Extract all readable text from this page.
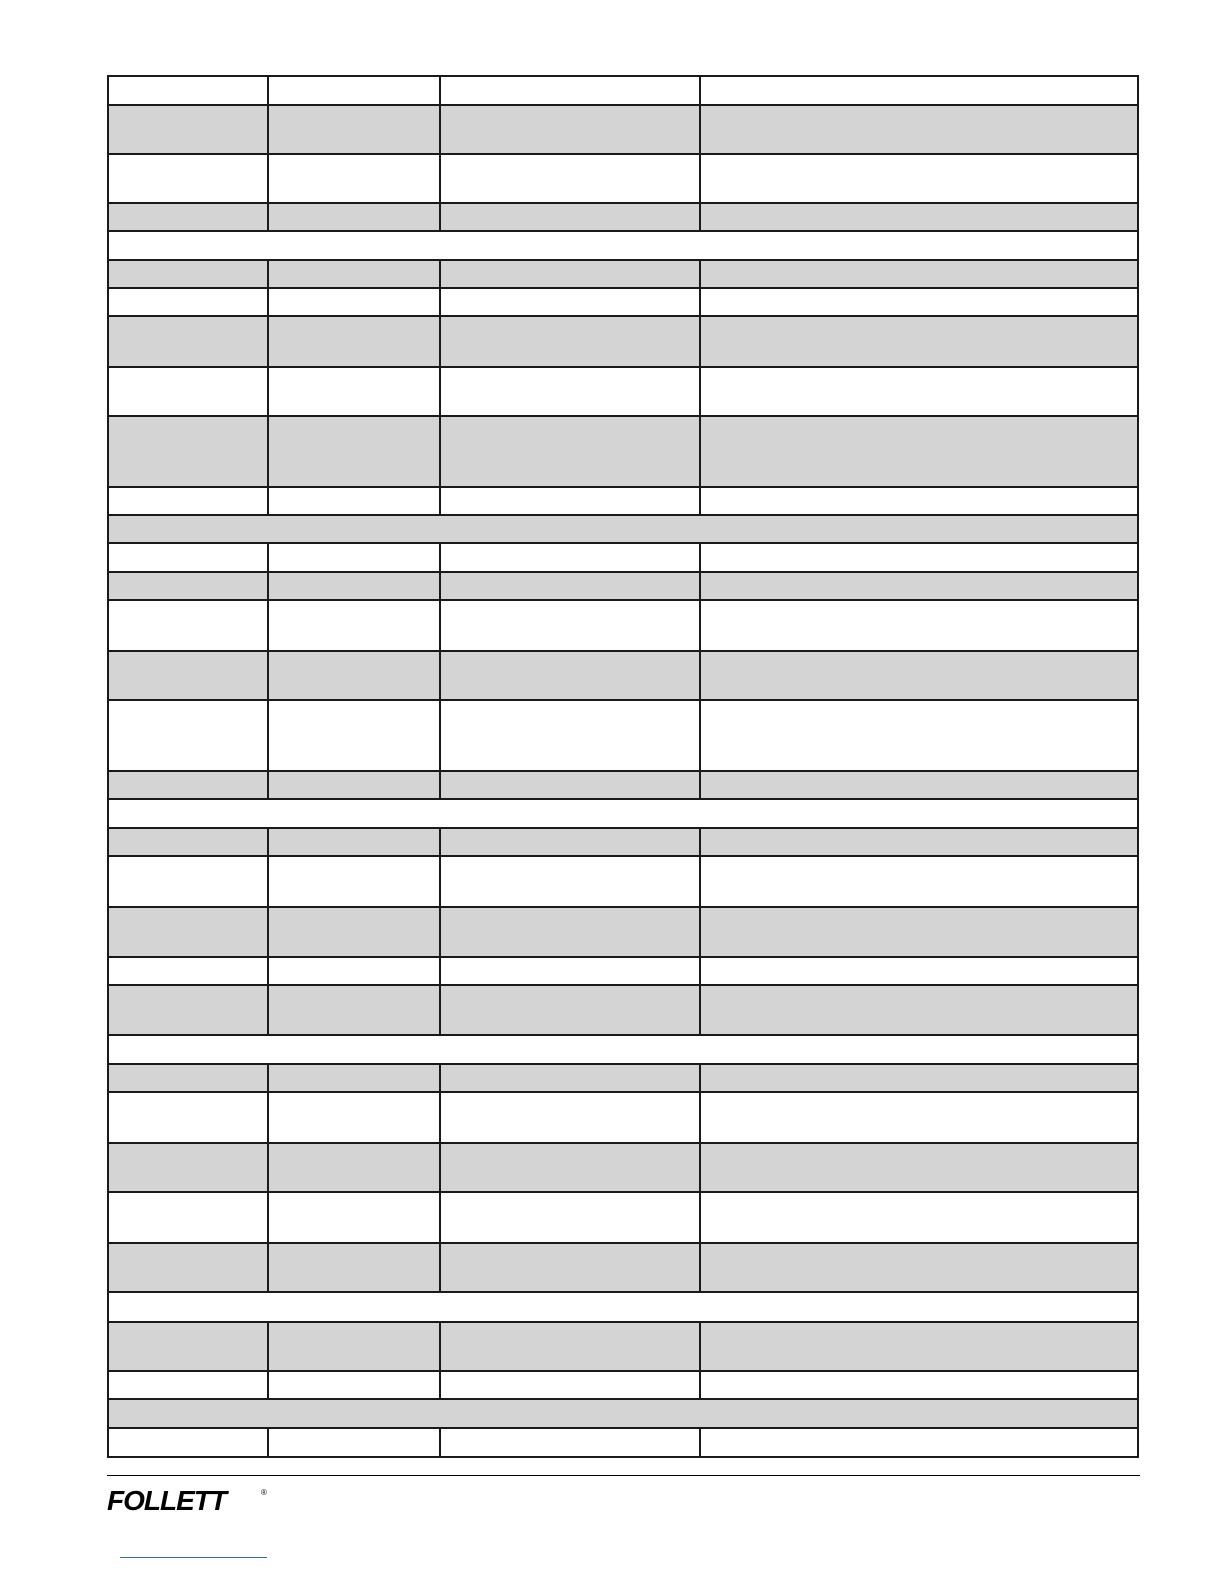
FOLLETT	®
